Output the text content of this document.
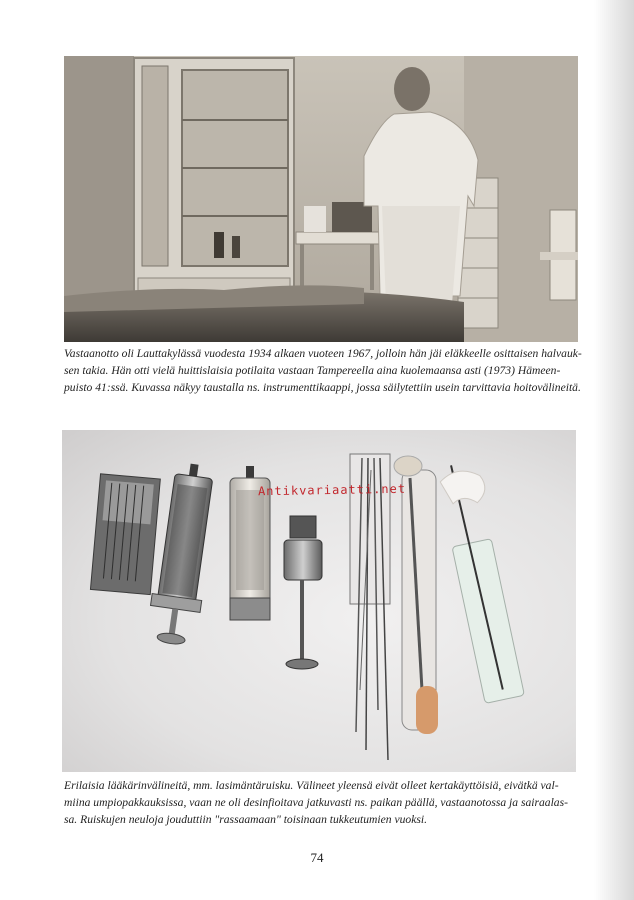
Vastaanotto oli Lauttakylässä vuodesta 1934 alkaen vuoteen 1967, jolloin hän jäi eläkkeelle osittaisen halvauk-
sen takia. Hän otti vielä huittislaisia potilaita vastaan Tampereella aina kuolemaansa asti (1973) Hämeen-
puisto 41:ssä. Kuvassa näkyy taustalla ns. instrumenttikaappi, jossa säilytettiin usein tarvittavia hoitovälineitä.
Antikvariaatti.net
Erilaisia lääkärinvälineitä, mm. lasimäntäruisku. Välineet yleensä eivät olleet kertakäyttöisiä, eivätkä val-
miina umpiopakkauksissa, vaan ne oli desinfioitava jatkuvasti ns. paikan päällä, vastaanotossa ja sairaalas-
sa. Ruiskujen neuloja jouduttiin "rassaamaan" toisinaan tukkeutumien vuoksi.
74
